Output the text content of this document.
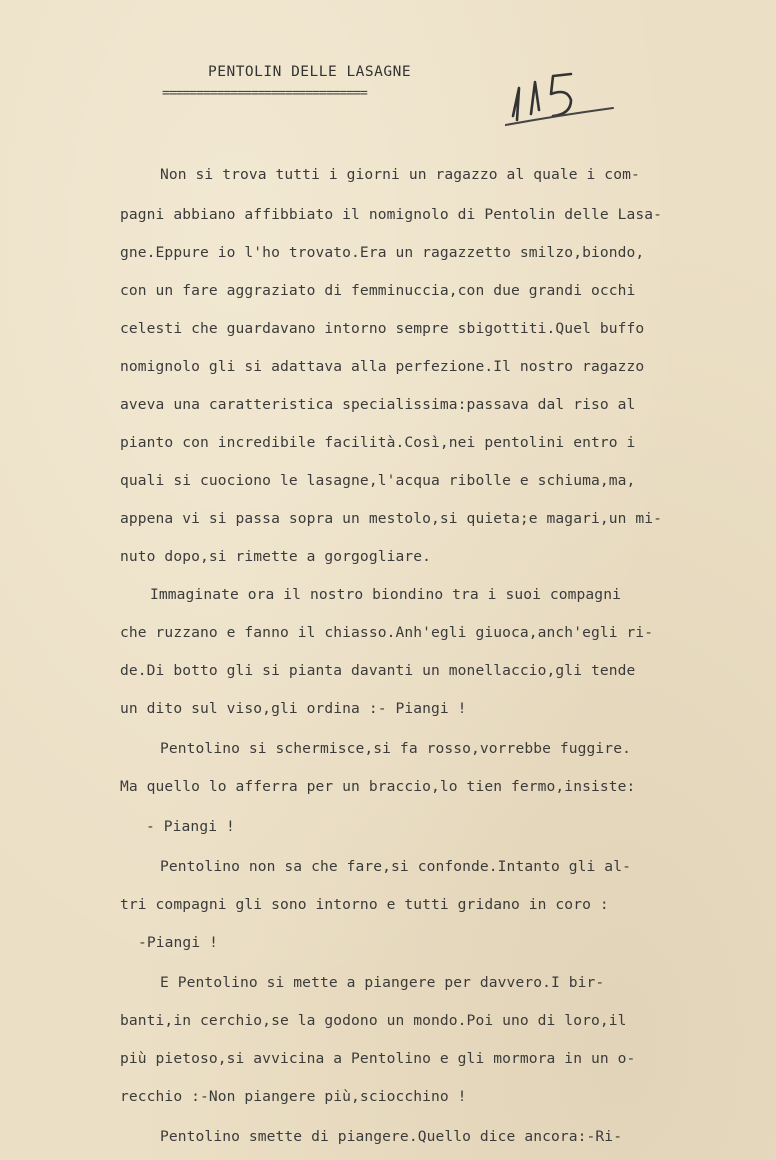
PENTOLIN DELLE LASAGNE
==============================
Non si trova tutti i giorni un ragazzo al quale i com-
pagni abbiano affibbiato il nomignolo di Pentolin delle Lasa-
gne.Eppure io l'ho trovato.Era un ragazzetto smilzo,biondo,
con un fare aggraziato di femminuccia,con due grandi occhi
celesti che guardavano intorno sempre sbigottiti.Quel buffo
nomignolo gli si adattava alla perfezione.Il nostro ragazzo
aveva una caratteristica specialissima:passava dal riso al
pianto con incredibile facilità.Così,nei pentolini entro i
quali si cuociono le lasagne,l'acqua ribolle e schiuma,ma,
appena vi si passa sopra un mestolo,si quieta;e magari,un mi-
nuto dopo,si rimette a gorgogliare.
Immaginate ora il nostro biondino tra i suoi compagni
che ruzzano e fanno il chiasso.Anh'egli giuoca,anch'egli ri-
de.Di botto gli si pianta davanti un monellaccio,gli tende
un dito sul viso,gli ordina :- Piangi !
Pentolino si schermisce,si fa rosso,vorrebbe fuggire.
Ma quello lo afferra per un braccio,lo tien fermo,insiste:
- Piangi !
Pentolino non sa che fare,si confonde.Intanto gli al-
tri compagni gli sono intorno e tutti gridano in coro :
-Piangi !
E Pentolino si mette a piangere per davvero.I bir-
banti,in cerchio,se la godono un mondo.Poi uno di loro,il
più pietoso,si avvicina a Pentolino e gli mormora in un o-
recchio :-Non piangere più,sciocchino !
Pentolino smette di piangere.Quello dice ancora:-Ri-
